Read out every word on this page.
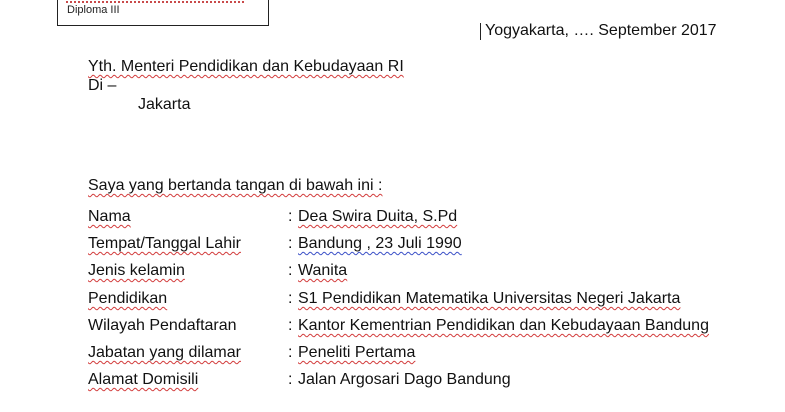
Diploma III
Yogyakarta, …. September 2017
Yth. Menteri Pendidikan dan Kebudayaan RI
Di –
Jakarta
Saya yang bertanda tangan di bawah ini :
Nama	: Dea Swira Duita, S.Pd
Tempat/Tanggal Lahir	: Bandung , 23 Juli 1990
Jenis kelamin	: Wanita
Pendidikan	: S1 Pendidikan Matematika Universitas Negeri Jakarta
Wilayah Pendaftaran	: Kantor Kementrian Pendidikan dan Kebudayaan Bandung
Jabatan yang dilamar	: Peneliti Pertama
Alamat Domisili	: Jalan Argosari Dago Bandung
